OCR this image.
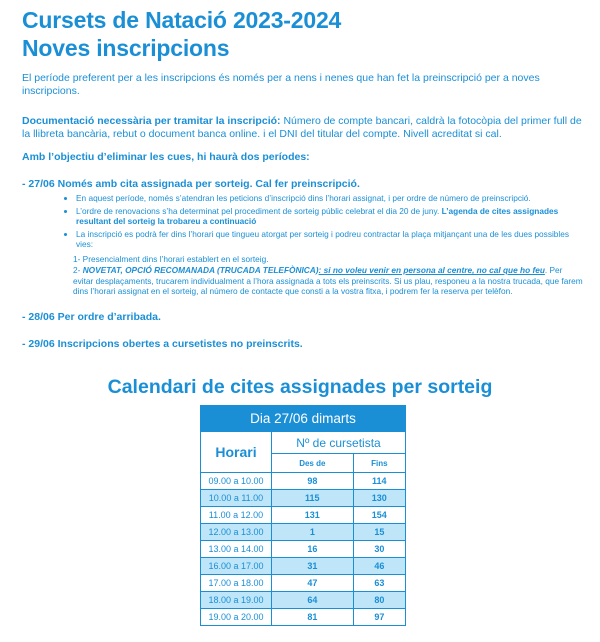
Cursets de Natació 2023-2024
Noves inscripcions
El període preferent per a les inscripcions és només per a nens i nenes que han fet la preinscripció per a noves inscripcions.
Documentació necessària per tramitar la inscripció: Número de compte bancari, caldrà la fotocòpia del primer full de la llibreta bancària, rebut o document banca online. i el DNI del titular del compte. Nivell acreditat si cal.
Amb l’objectiu d’eliminar les cues, hi haurà dos períodes:
- 27/06 Només amb cita assignada per sorteig. Cal fer preinscripció.
• En aquest període, només s’atendran les peticions d’inscripció dins l’horari assignat, i per ordre de número de preinscripció.
• L’ordre de renovacions s’ha determinat pel procediment de sorteig públic celebrat el dia 20 de juny. L’agenda de cites assignades resultant del sorteig la trobareu a continuació
• La inscripció es podrà fer dins l’horari que tingueu atorgat per sorteig i podreu contractar la plaça mitjançant una de les dues possibles vies:
1- Presencialment dins l’horari establert en el sorteig.
2- NOVETAT, OPCIÓ RECOMANADA (TRUCADA TELEFÒNICA): si no voleu venir en persona al centre, no cal que ho feu. Per evitar desplaçaments, trucarem individualment a l’hora assignada a tots els preinscrits. Si us plau, responeu a la nostra trucada, que farem dins l’horari assignat en el sorteig, al número de contacte que consti a la vostra fitxa, i podrem fer la reserva per telèfon.
- 28/06 Per ordre d’arribada.
- 29/06 Inscripcions obertes a cursetistes no preinscrits.
Calendari de cites assignades per sorteig
Dia 27/06 dimarts		
Horari	Nº de cursetista	
	Des de	Fins
09.00 a 10.00	98	114
10.00 a 11.00	115	130
11.00 a 12.00	131	154
12.00 a 13.00	1	15
13.00 a 14.00	16	30
16.00 a 17.00	31	46
17.00 a 18.00	47	63
18.00 a 19.00	64	80
19.00 a 20.00	81	97
